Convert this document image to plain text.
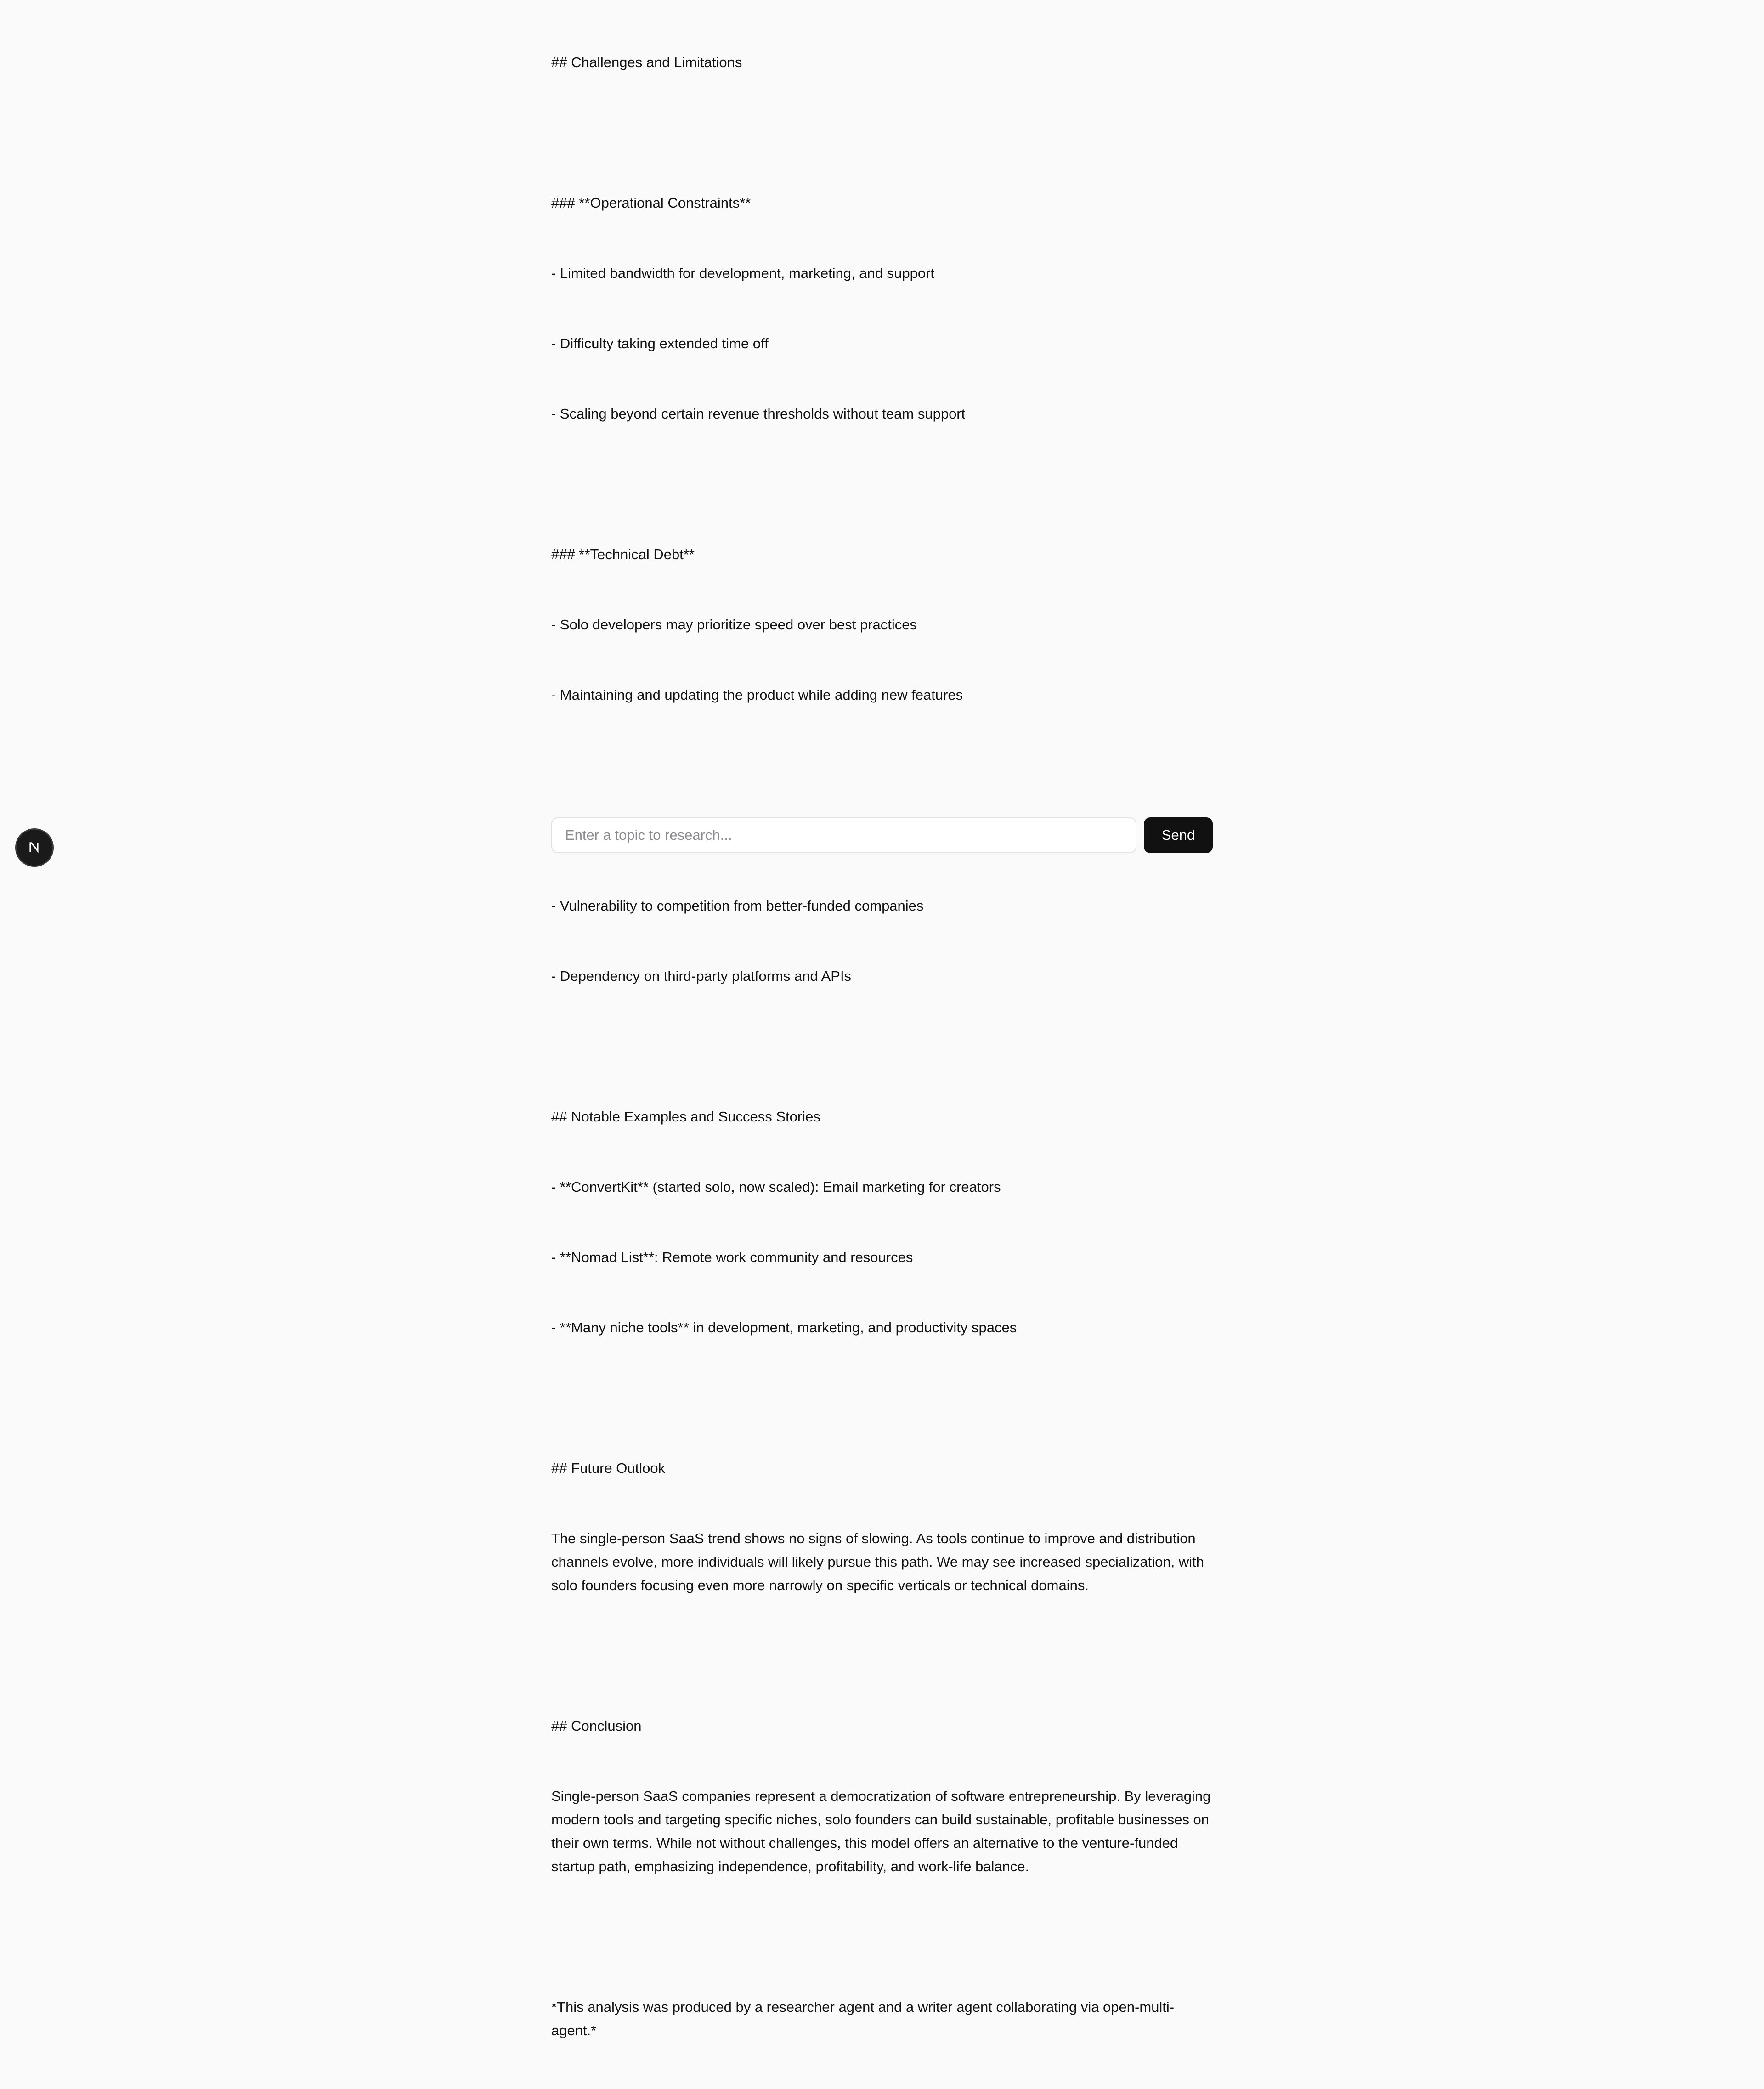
## Challenges and Limitations

### **Operational Constraints**

- Limited bandwidth for development, marketing, and support

- Difficulty taking extended time off

- Scaling beyond certain revenue thresholds without team support

### **Technical Debt**

- Solo developers may prioritize speed over best practices

- Maintaining and updating the product while adding new features

- Vulnerability to competition from better-funded companies

- Dependency on third-party platforms and APIs

## Notable Examples and Success Stories

- **ConvertKit** (started solo, now scaled): Email marketing for creators

- **Nomad List**: Remote work community and resources

- **Many niche tools** in development, marketing, and productivity spaces

## Future Outlook

The single-person SaaS trend shows no signs of slowing. As tools continue to improve and distribution channels evolve, more individuals will likely pursue this path. We may see increased specialization, with solo founders focusing even more narrowly on specific verticals or technical domains.

## Conclusion

Single-person SaaS companies represent a democratization of software entrepreneurship. By leveraging modern tools and targeting specific niches, solo founders can build sustainable, profitable businesses on their own terms. While not without challenges, this model offers an alternative to the venture-funded startup path, emphasizing independence, profitability, and work-life balance.

*This analysis was produced by a researcher agent and a writer agent collaborating via open-multi-agent.*

Enter a topic to research...
Send
